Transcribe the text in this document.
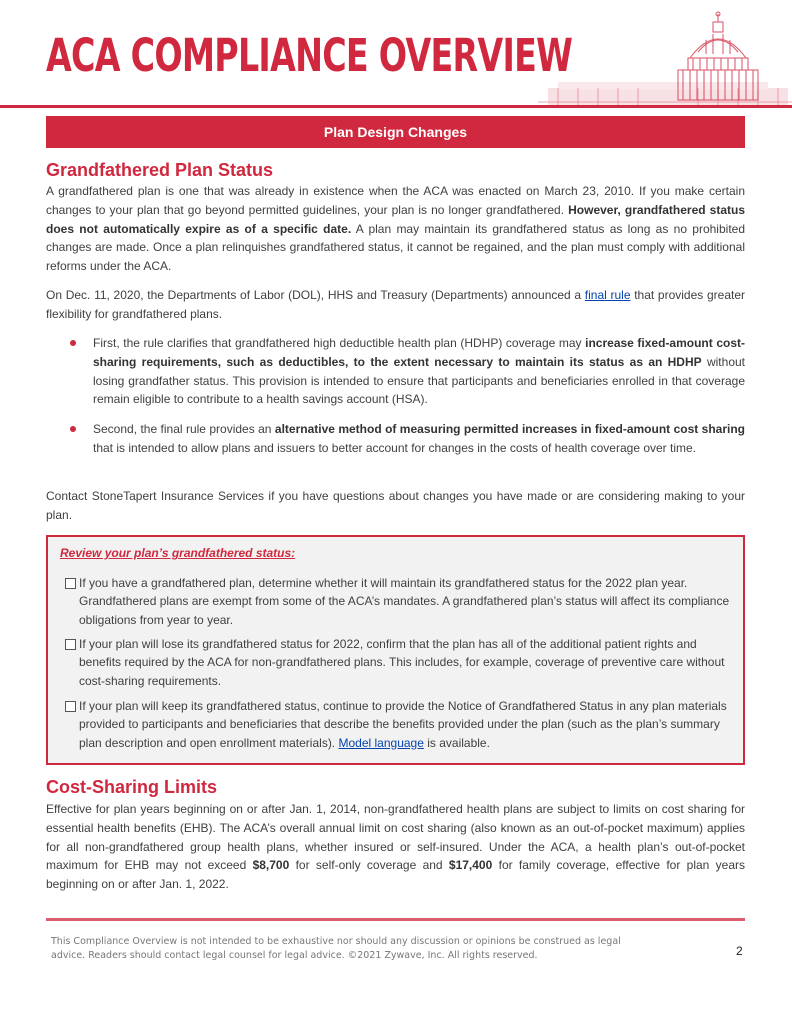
ACA COMPLIANCE OVERVIEW
Plan Design Changes
Grandfathered Plan Status

A grandfathered plan is one that was already in existence when the ACA was enacted on March 23, 2010. If you make certain changes to your plan that go beyond permitted guidelines, your plan is no longer grandfathered. However, grandfathered status does not automatically expire as of a specific date. A plan may maintain its grandfathered status as long as no prohibited changes are made. Once a plan relinquishes grandfathered status, it cannot be regained, and the plan must comply with additional reforms under the ACA.

On Dec. 11, 2020, the Departments of Labor (DOL), HHS and Treasury (Departments) announced a final rule that provides greater flexibility for grandfathered plans.

First, the rule clarifies that grandfathered high deductible health plan (HDHP) coverage may increase fixed-amount cost-sharing requirements, such as deductibles, to the extent necessary to maintain its status as an HDHP without losing grandfather status. This provision is intended to ensure that participants and beneficiaries enrolled in that coverage remain eligible to contribute to a health savings account (HSA).
Second, the final rule provides an alternative method of measuring permitted increases in fixed-amount cost sharing that is intended to allow plans and issuers to better account for changes in the costs of health coverage over time.

Contact StoneTapert Insurance Services if you have questions about changes you have made or are considering making to your plan.

Review your plan’s grandfathered status:
If you have a grandfathered plan, determine whether it will maintain its grandfathered status for the 2022 plan year. Grandfathered plans are exempt from some of the ACA’s mandates. A grandfathered plan’s status will affect its compliance obligations from year to year.
If your plan will lose its grandfathered status for 2022, confirm that the plan has all of the additional patient rights and benefits required by the ACA for non-grandfathered plans. This includes, for example, coverage of preventive care without cost-sharing requirements.
If your plan will keep its grandfathered status, continue to provide the Notice of Grandfathered Status in any plan materials provided to participants and beneficiaries that describe the benefits provided under the plan (such as the plan’s summary plan description and open enrollment materials). Model language is available.
Cost-Sharing Limits

Effective for plan years beginning on or after Jan. 1, 2014, non-grandfathered health plans are subject to limits on cost sharing for essential health benefits (EHB). The ACA’s overall annual limit on cost sharing (also known as an out-of-pocket maximum) applies for all non-grandfathered group health plans, whether insured or self-insured. Under the ACA, a health plan’s out-of-pocket maximum for EHB may not exceed $8,700 for self-only coverage and $17,400 for family coverage, effective for plan years beginning on or after Jan. 1, 2022.

This Compliance Overview is not intended to be exhaustive nor should any discussion or opinions be construed as legal advice. Readers should contact legal counsel for legal advice. ©2021 Zywave, Inc. All rights reserved.	2
